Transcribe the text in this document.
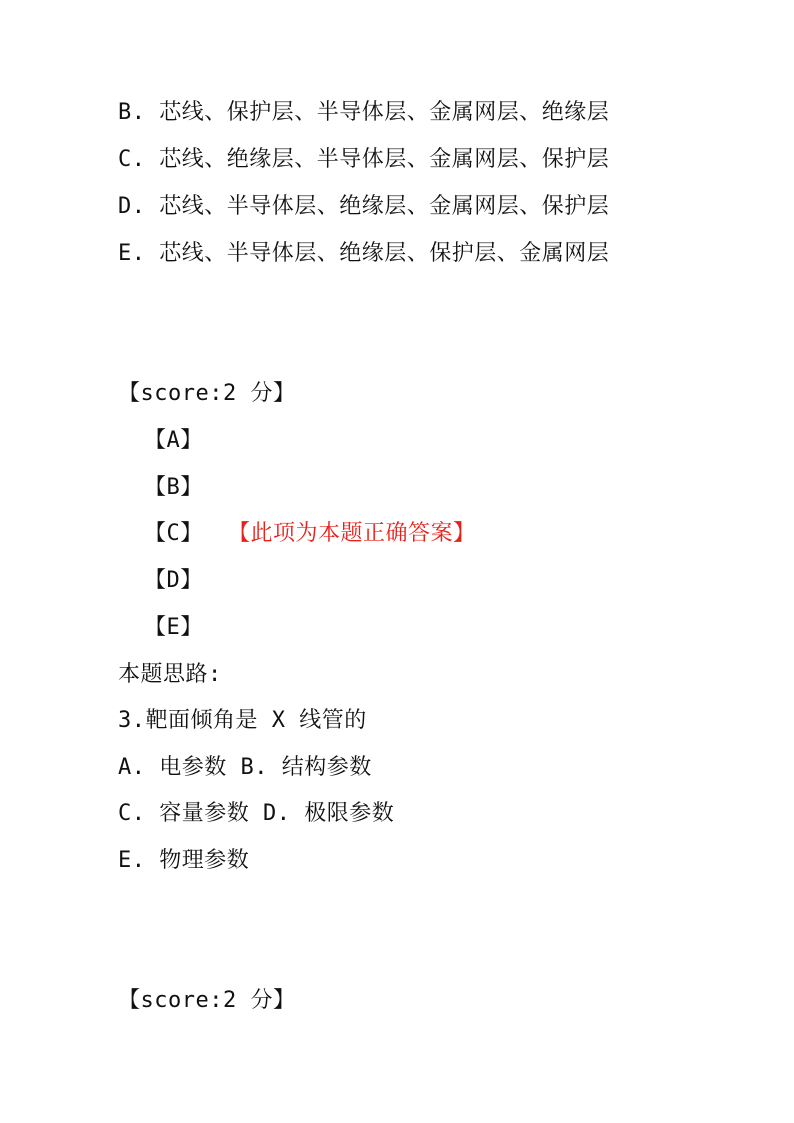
B. 芯线、保护层、半导体层、金属网层、绝缘层
C. 芯线、绝缘层、半导体层、金属网层、保护层
D. 芯线、半导体层、绝缘层、金属网层、保护层
E. 芯线、半导体层、绝缘层、保护层、金属网层
【score:2 分】
【A】
【B】
【C】 【此项为本题正确答案】
【D】
【E】
本题思路:
3.靶面倾角是 X 线管的
A. 电参数 B. 结构参数
C. 容量参数 D. 极限参数
E. 物理参数
【score:2 分】
